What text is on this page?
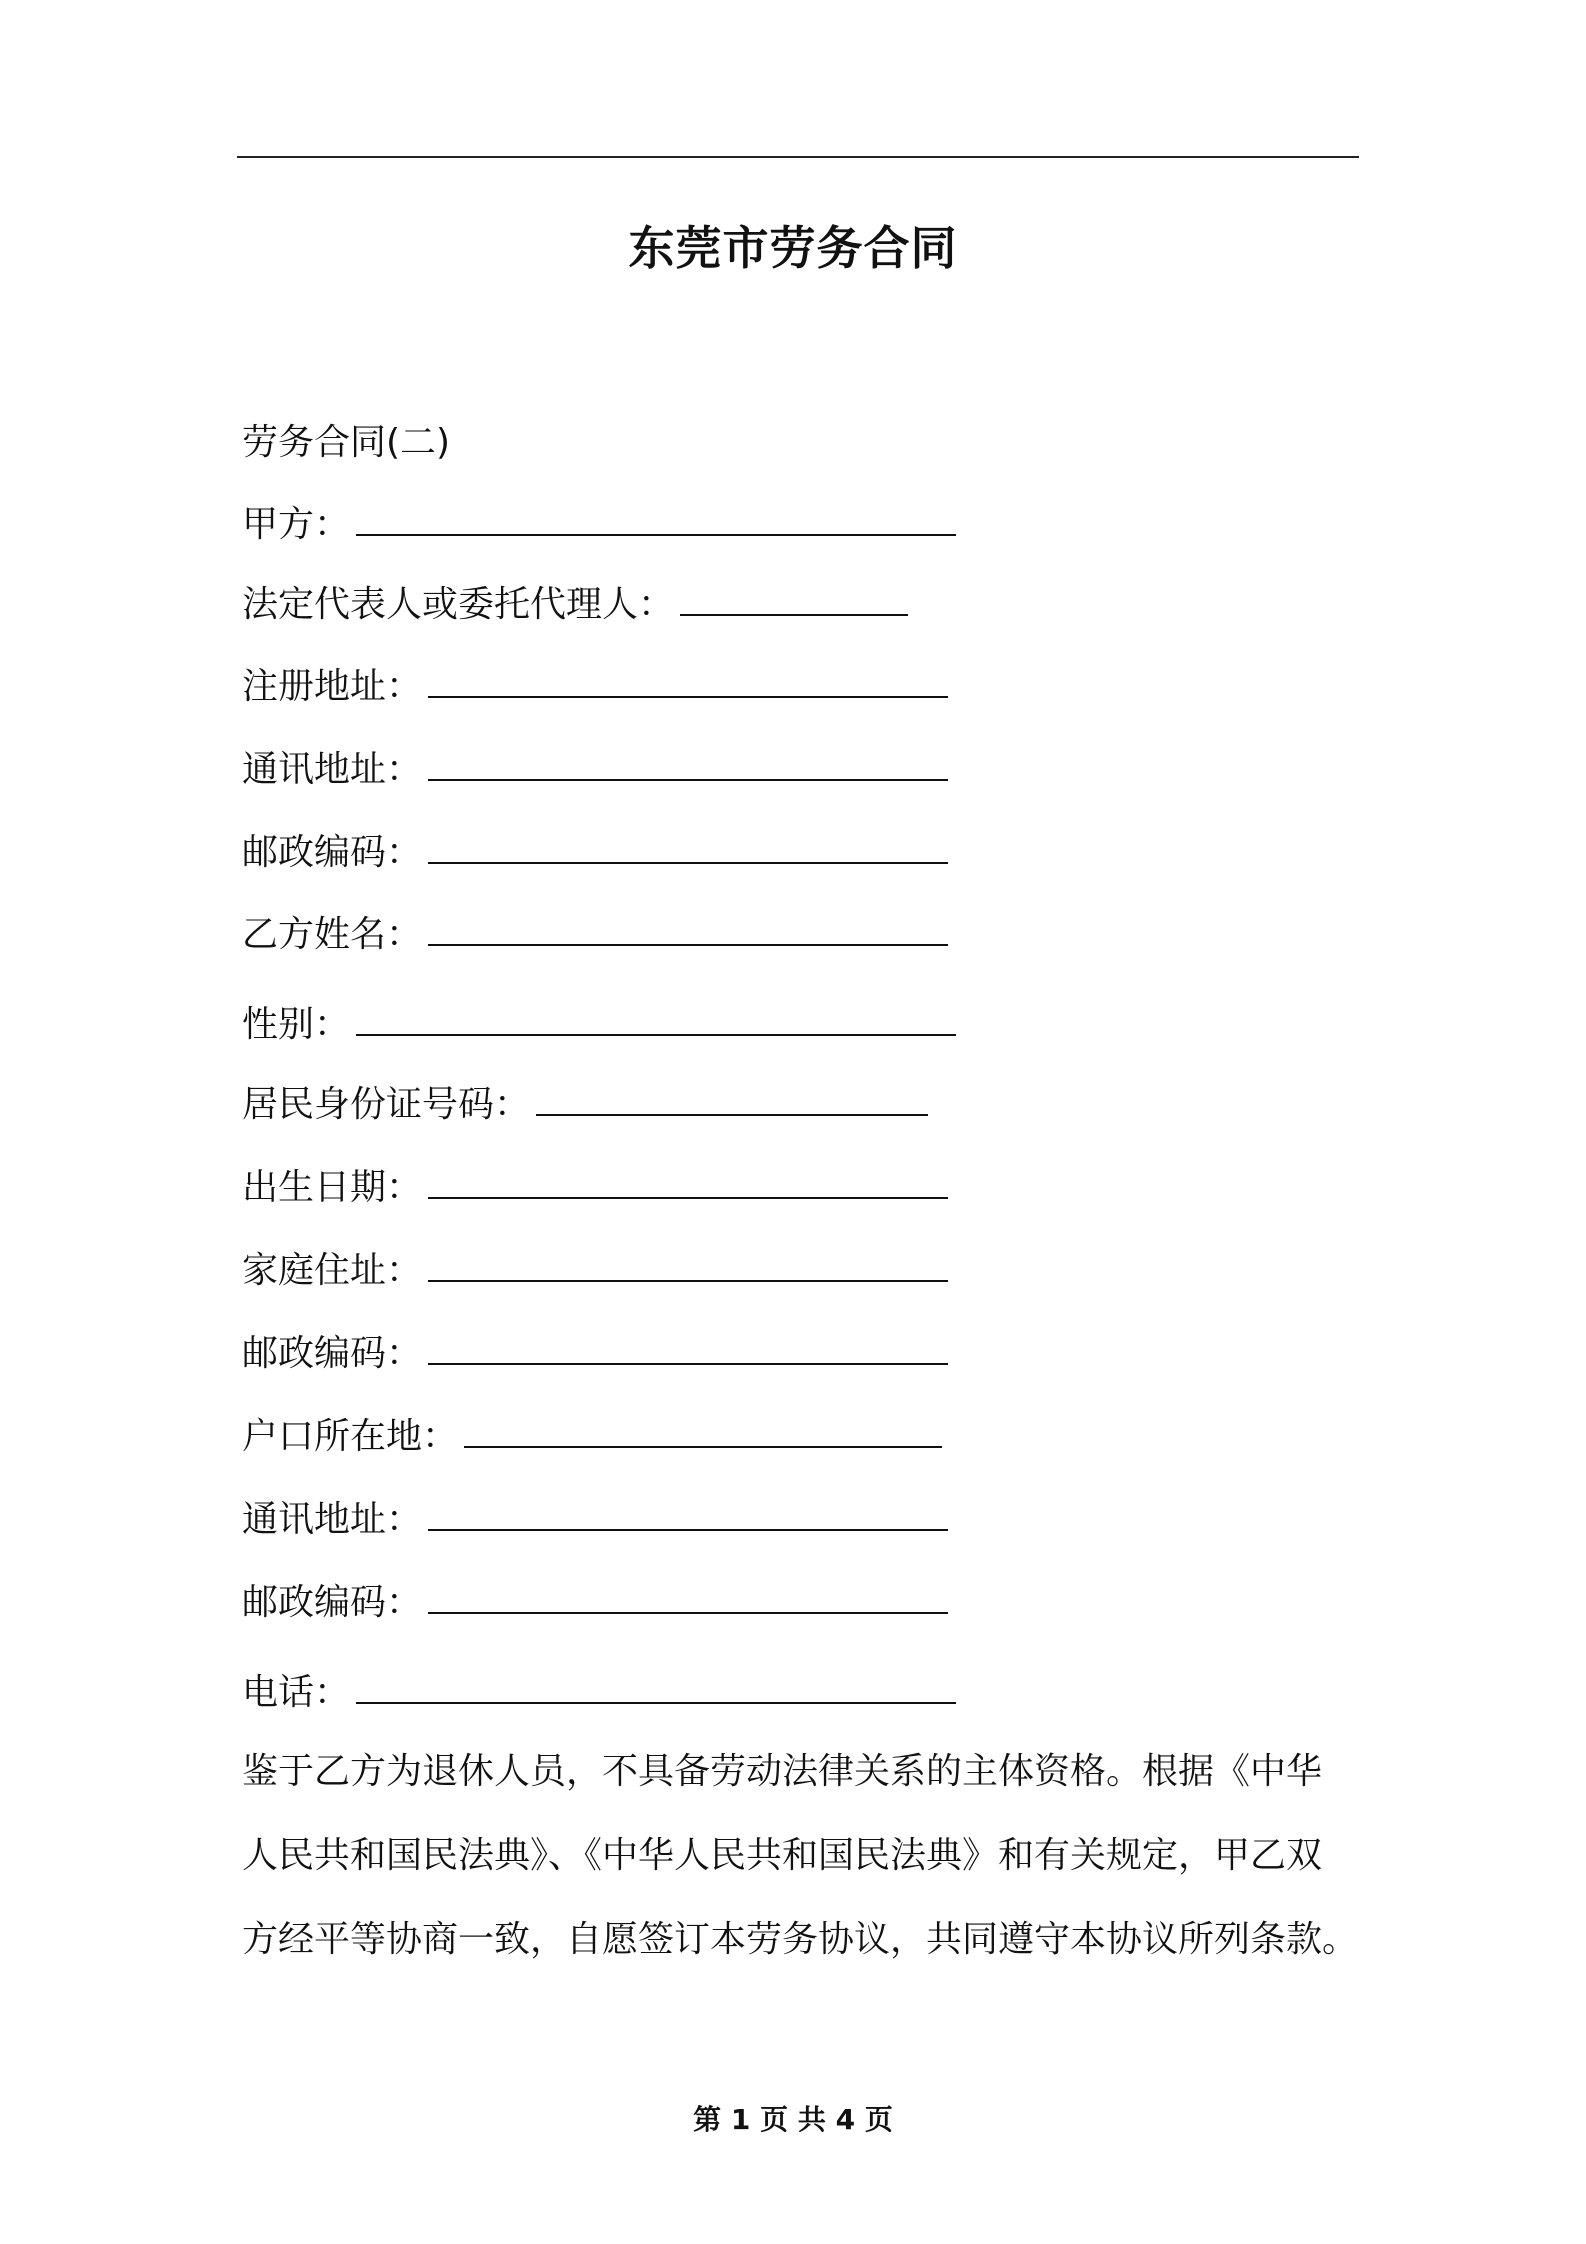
东莞市劳务合同
劳务合同(二)
甲方：
法定代表人或委托代理人：
注册地址：
通讯地址：
邮政编码：
乙方姓名：
性别：
居民身份证号码：
出生日期：
家庭住址：
邮政编码：
户口所在地：
通讯地址：
邮政编码：
电话：
鉴于乙方为退休人员，不具备劳动法律关系的主体资格。根据《中华
人民共和国民法典》、《中华人民共和国民法典》和有关规定，甲乙双
方经平等协商一致，自愿签订本劳务协议，共同遵守本协议所列条款。
第 1 页 共 4 页
